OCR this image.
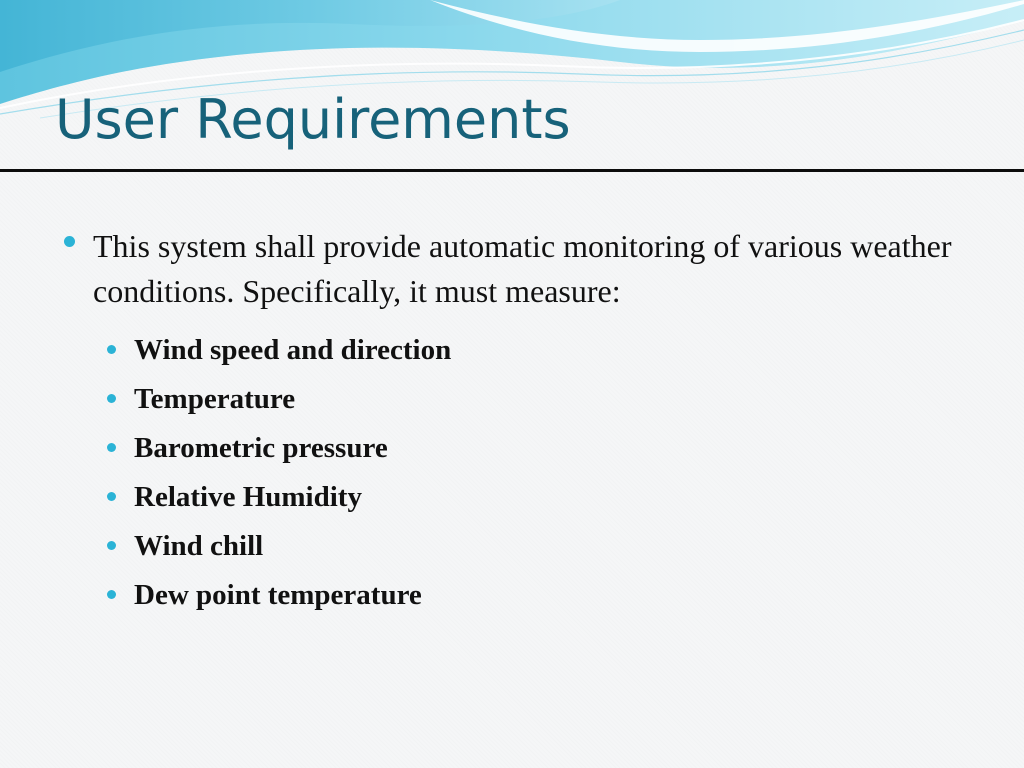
User Requirements

This system shall provide automatic monitoring of various weather conditions. Specifically, it must measure:

Wind speed and direction
Temperature
Barometric pressure
Relative Humidity
Wind chill
Dew point temperature
